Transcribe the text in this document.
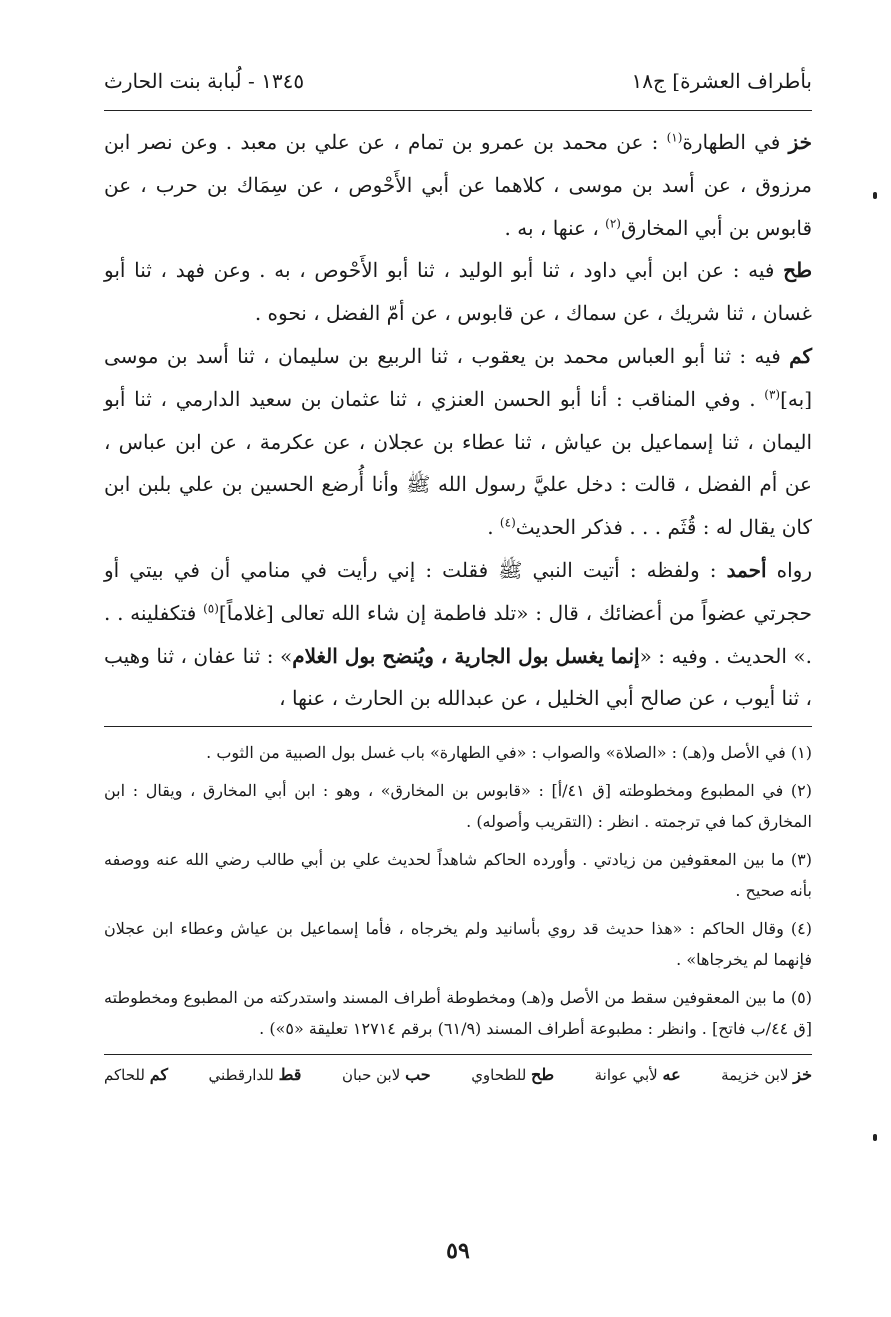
بأطراف العشرة] ج١٨
١٣٤٥ - لُبابة بنت الحارث

خز في الطهارة$^{(١)}$ : عن محمد بن عمرو بن تمام ، عن علي بن معبد . وعن نصر ابن مرزوق ، عن أسد بن موسى ، كلاهما عن أبي الأَحْوص ، عن سِمَاك بن حرب ، عن قابوس بن أبي المخارق$^{(٢)}$ ، عنها ، به .

طح فيه : عن ابن أبي داود ، ثنا أبو الوليد ، ثنا أبو الأَحْوص ، به . وعن فهد ، ثنا أبو غسان ، ثنا شريك ، عن سماك ، عن قابوس ، عن أمّ الفضل ، نحوه .

كم فيه : ثنا أبو العباس محمد بن يعقوب ، ثنا الربيع بن سليمان ، ثنا أسد بن موسى [به]$^{(٣)}$ . وفي المناقب : أنا أبو الحسن العنزي ، ثنا عثمان بن سعيد الدارمي ، ثنا أبو اليمان ، ثنا إسماعيل بن عياش ، ثنا عطاء بن عجلان ، عن عكرمة ، عن ابن عباس ، عن أم الفضل ، قالت : دخل عليَّ رسول الله ﷺ وأنا أُرضع الحسين بن علي بلبن ابن كان يقال له : قُثَم . . . فذكر الحديث$^{(٤)}$ .

رواه أحمد : ولفظه : أتيت النبي ﷺ فقلت : إني رأيت في منامي أن في بيتي أو حجرتي عضواً من أعضائك ، قال : «تلد فاطمة إن شاء الله تعالى [غلاماً]$^{(٥)}$ فتكفلينه . . .» الحديث . وفيه : «إنما يغسل بول الجارية ، ويُنضح بول الغلام» : ثنا عفان ، ثنا وهيب ، ثنا أيوب ، عن صالح أبي الخليل ، عن عبدالله بن الحارث ، عنها ،

(١) في الأصل و(هـ) : «الصلاة» والصواب : «في الطهارة» باب غسل بول الصبية من الثوب .

(٢) في المطبوع ومخطوطته [ق ٤١/أ] : «قابوس بن المخارق» ، وهو : ابن أبي المخارق ، ويقال : ابن المخارق كما في ترجمته . انظر : (التقريب وأصوله) .

(٣) ما بين المعقوفين من زيادتي . وأورده الحاكم شاهداً لحديث علي بن أبي طالب رضي الله عنه ووصفه بأنه صحيح .

(٤) وقال الحاكم : «هذا حديث قد روي بأسانيد ولم يخرجاه ، فأما إسماعيل بن عياش وعطاء ابن عجلان فإنهما لم يخرجاها» .

(٥) ما بين المعقوفين سقط من الأصل و(هـ) ومخطوطة أطراف المسند واستدركته من المطبوع ومخطوطته [ق ٤٤/ب فاتح] . وانظر : مطبوعة أطراف المسند (٦١/٩) برقم ١٢٧١٤ تعليقة «٥») .

خز لابن خزيمة
عه لأبي عوانة
طح للطحاوي
حب لابن حبان
قط للدارقطني
كم للحاكم
٥٩
